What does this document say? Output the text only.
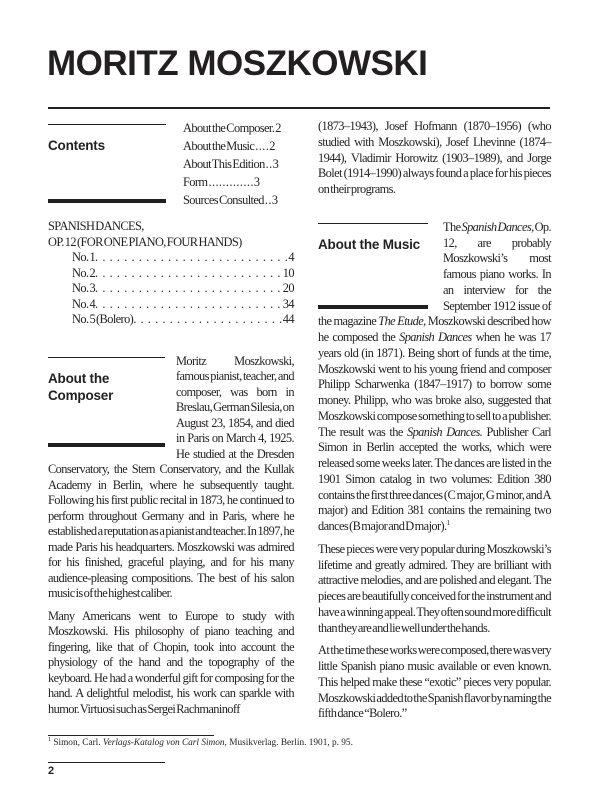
MORITZ MOSZKOWSKI
Contents
About the Composer. 2
About the Music . . . . 2
About This Edition . . 3
Form . . . . . . . . . . . . . 3
Sources Consulted . . 3
SPANISH DANCES,
OP. 12 (FOR ONE PIANO, FOUR HANDS)
No. 1 . . .	4
No. 2 . . .	10
No. 3 . . .	20
No. 4 . . .	34
No. 5 (Bolero) . . .	44
About the
Composer

Moritz Moszkowski, famous pianist, teacher, and composer, was born in Breslau, German Silesia, on August 23, 1854, and died in Paris on March 4, 1925. He studied at the Dresden Conservatory, the Stern Conservatory, and the Kullak Academy in Berlin, where he subsequently taught. Following his first public recital in 1873, he continued to perform throughout Germany and in Paris, where he established a reputation as a pianist and teacher. In 1897, he made Paris his headquarters. Moszkowski was admired for his finished, graceful playing, and for his many audience-pleasing compositions. The best of his salon music is of the highest caliber.

Many Americans went to Europe to study with Moszkowski. His philosophy of piano teaching and fingering, like that of Chopin, took into account the physiology of the hand and the topography of the keyboard. He had a wonderful gift for composing for the hand. A delightful melodist, his work can sparkle with humor. Virtuosi such as Sergei Rachmaninoff

(1873–1943), Josef Hofmann (1870–1956) (who studied with Moszkowski), Josef Lhevinne (1874–1944), Vladimir Horowitz (1903–1989), and Jorge Bolet (1914–1990) always found a place for his pieces on their programs.

About the Music

The Spanish Dances, Op. 12, are probably Moszkowski’s most famous piano works. In an interview for the September 1912 issue of the magazine The Etude, Moszkowski described how he composed the Spanish Dances when he was 17 years old (in 1871). Being short of funds at the time, Moszkowski went to his young friend and composer Philipp Scharwenka (1847–1917) to borrow some money. Philipp, who was broke also, suggested that Moszkowski compose something to sell to a publisher. The result was the Spanish Dances. Publisher Carl Simon in Berlin accepted the works, which were released some weeks later. The dances are listed in the 1901 Simon catalog in two volumes: Edition 380 contains the first three dances (C major, G minor, and A major) and Edition 381 contains the remaining two dances (B major and D major).$^1$

These pieces were very popular during Moszkowski’s lifetime and greatly admired. They are brilliant with attractive melodies, and are polished and elegant. The pieces are beautifully conceived for the instrument and have a winning appeal. They often sound more difficult than they are and lie well under the hands.

At the time these works were composed, there was very little Spanish piano music available or even known. This helped make these “exotic” pieces very popular. Moszkowski added to the Spanish flavor by naming the fifth dance “Bolero.”

$^1$ Simon, Carl. Verlags-Katalog von Carl Simon, Musikverlag. Berlin. 1901, p. 95.
2
